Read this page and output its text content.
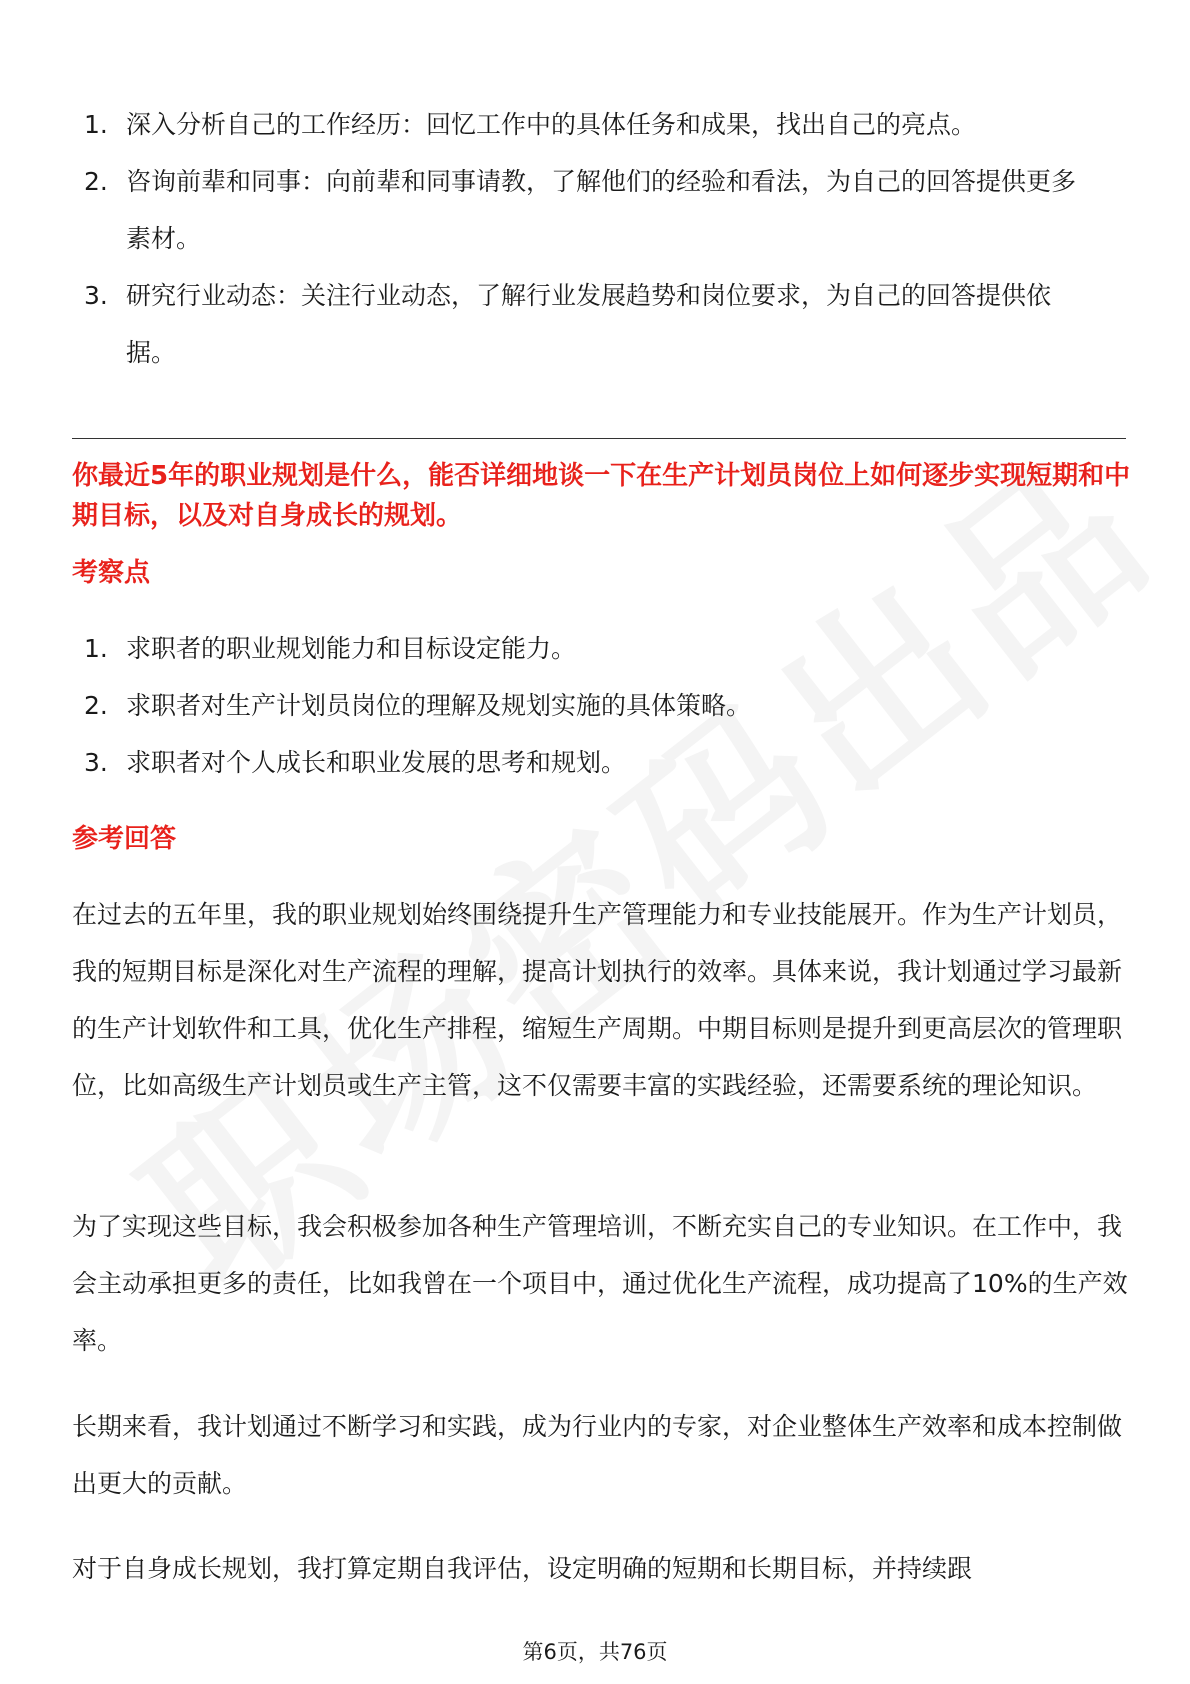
1. 深入分析自己的工作经历：回忆工作中的具体任务和成果，找出自己的亮点。
2. 咨询前辈和同事：向前辈和同事请教，了解他们的经验和看法，为自己的回答提供更多素材。
3. 研究行业动态：关注行业动态，了解行业发展趋势和岗位要求，为自己的回答提供依据。
你最近5年的职业规划是什么，能否详细地谈一下在生产计划员岗位上如何逐步实现短期和中期目标，以及对自身成长的规划。
考察点
1. 求职者的职业规划能力和目标设定能力。
2. 求职者对生产计划员岗位的理解及规划实施的具体策略。
3. 求职者对个人成长和职业发展的思考和规划。
参考回答

在过去的五年里，我的职业规划始终围绕提升生产管理能力和专业技能展开。作为生产计划员，我的短期目标是深化对生产流程的理解，提高计划执行的效率。具体来说，我计划通过学习最新的生产计划软件和工具，优化生产排程，缩短生产周期。中期目标则是提升到更高层次的管理职位，比如高级生产计划员或生产主管，这不仅需要丰富的实践经验，还需要系统的理论知识。

为了实现这些目标，我会积极参加各种生产管理培训，不断充实自己的专业知识。在工作中，我会主动承担更多的责任，比如我曾在一个项目中，通过优化生产流程，成功提高了10%的生产效率。

长期来看，我计划通过不断学习和实践，成为行业内的专家，对企业整体生产效率和成本控制做出更大的贡献。

对于自身成长规划，我打算定期自我评估，设定明确的短期和长期目标，并持续跟

第6页，共76页
